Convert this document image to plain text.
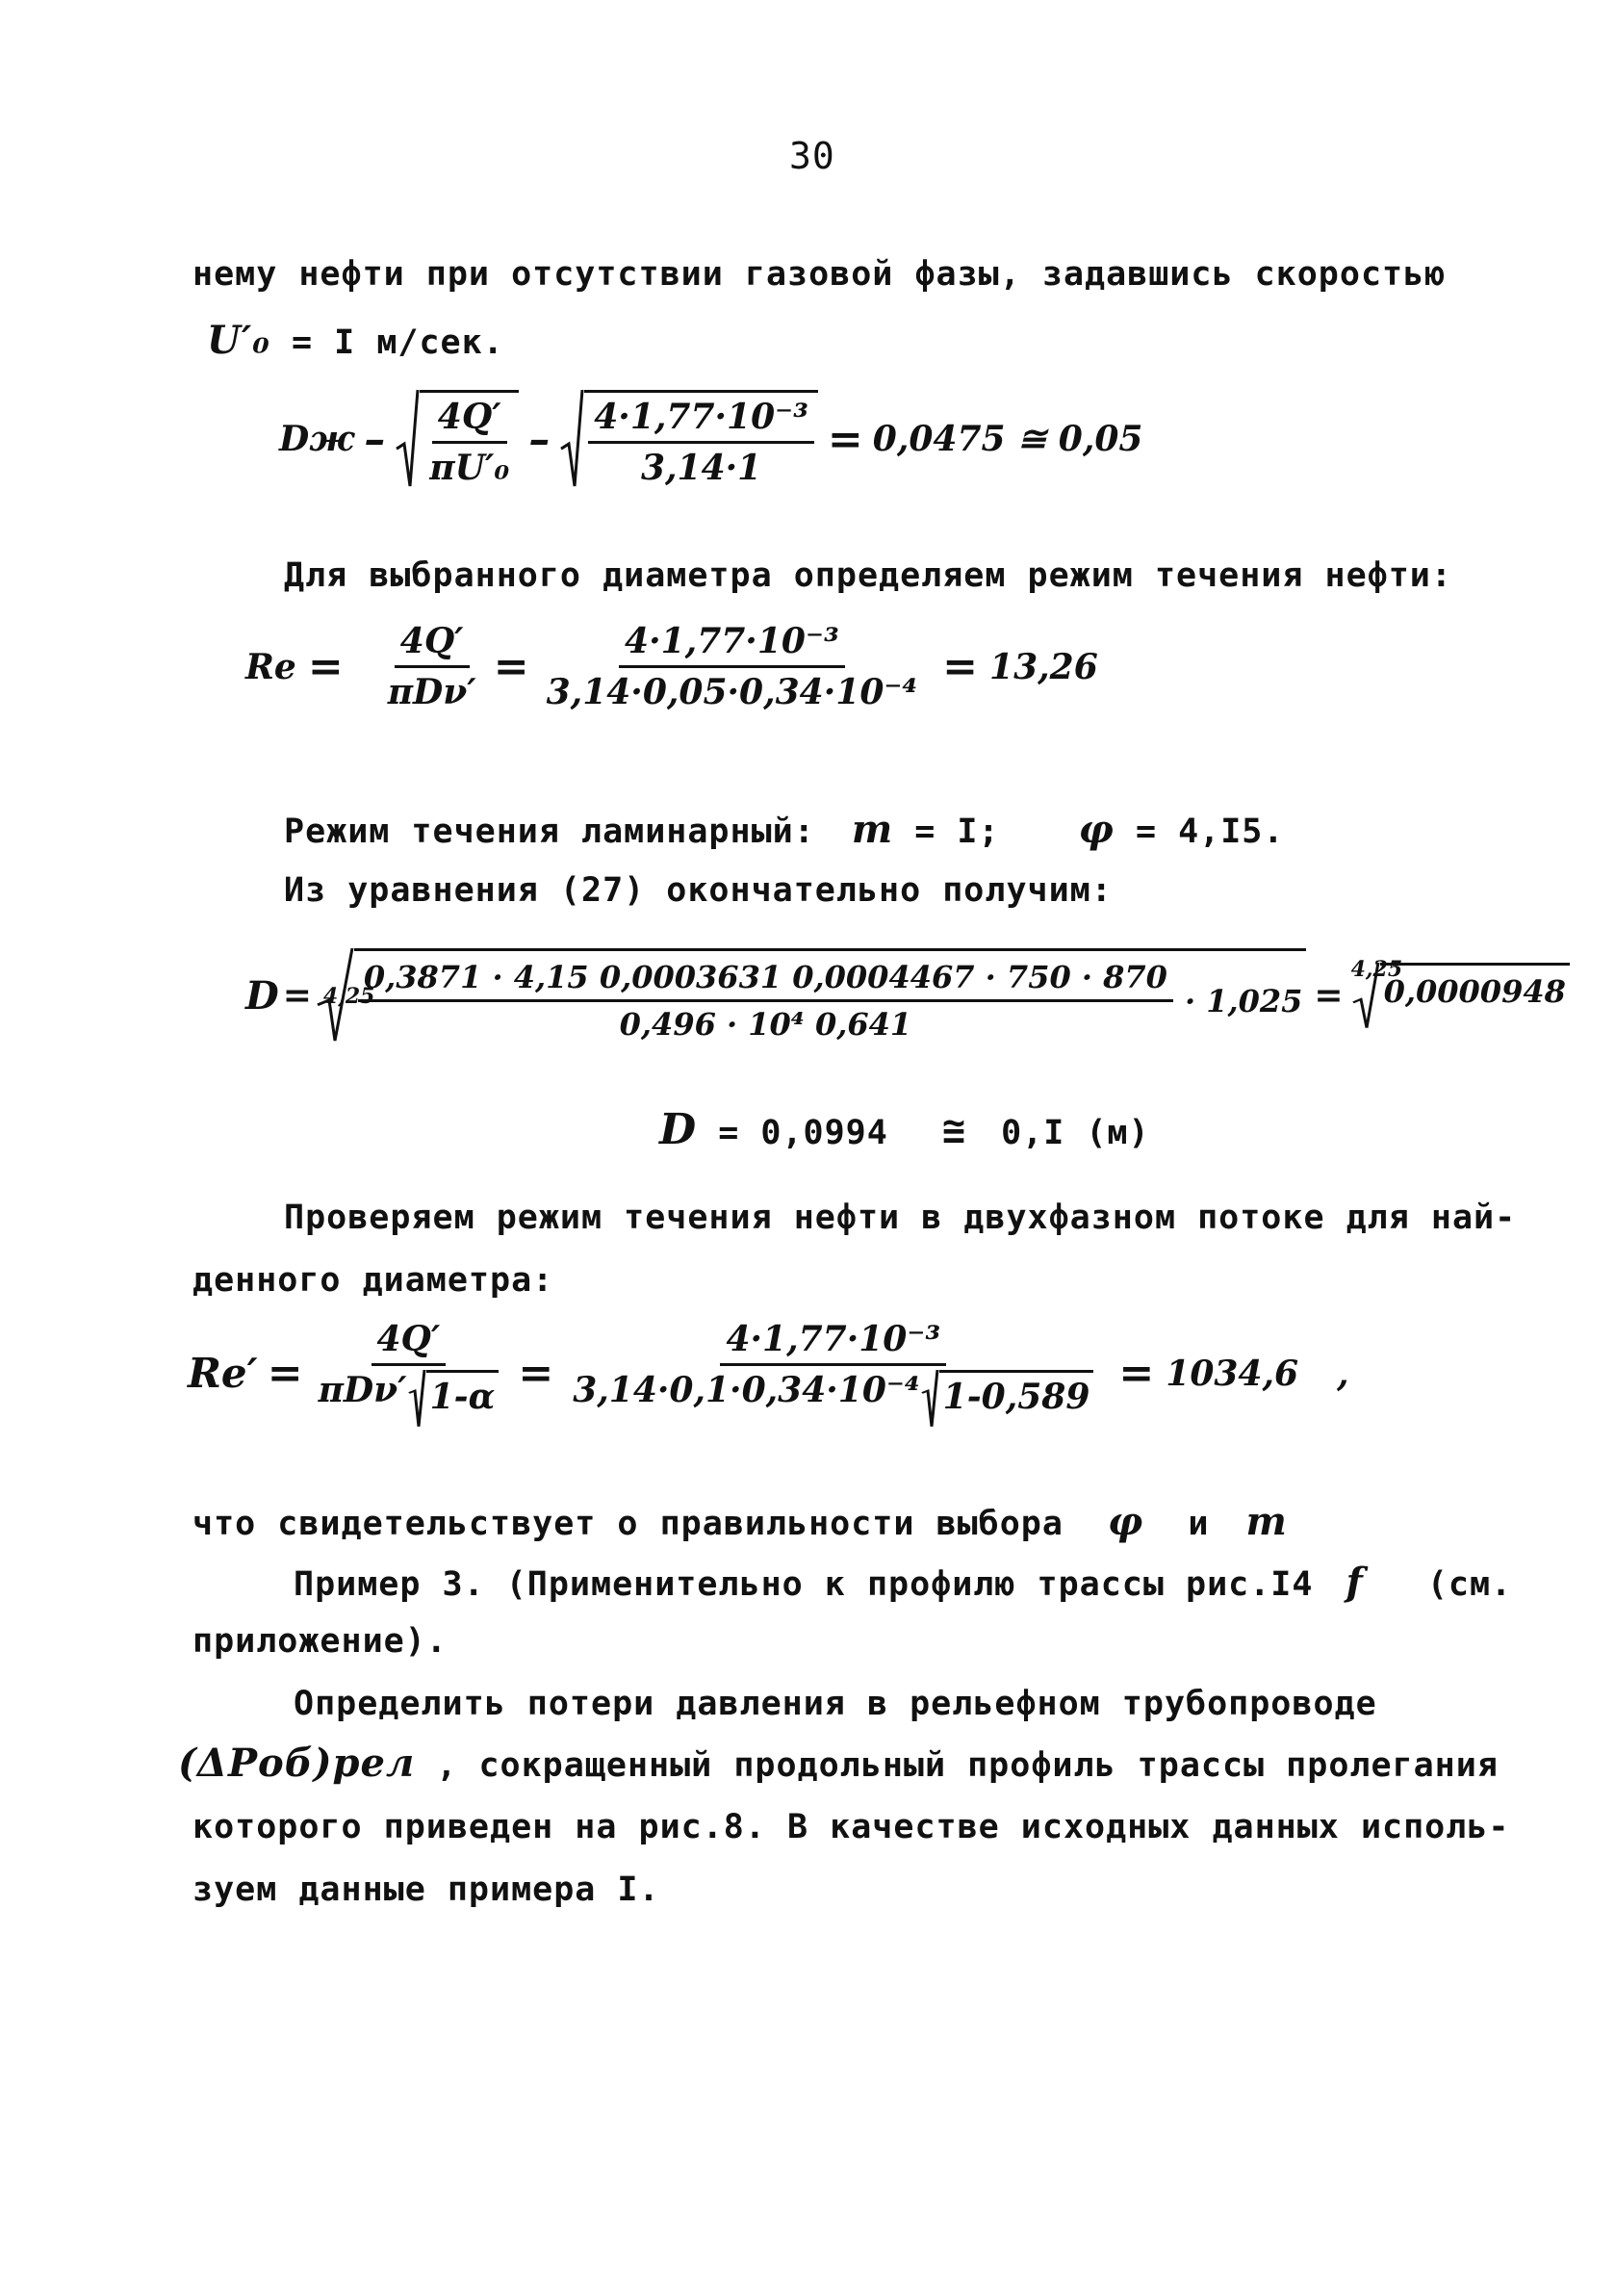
30
нему нефти при отсутствии газовой фазы, задавшись скоростью
U′₀ = I м/сек.
Dж – $\frac{4Q'}{\text{πU′₀}} - \frac{\text{4·1,77·10⁻³}}{3,14\cdot 1} = 0,0475$ ≅ 0,05
Для выбранного диаметра определяем режим течения нефти:
$Re = \frac{4Q'}{\text{πDν′}} = \frac{\text{4·1,77·10⁻³}}{\text{3,14·0,05·0,34·10⁻⁴}} = 13,26$
Режим течения ламинарный: m = I; φ = 4,I5.
Из уравнения (27) окончательно получим:
D = 4,25
$\frac{0,3871 \cdot 4,15 0,0003631 0,0004467 \cdot 750 \cdot 870}{\text{0,496 · 10⁴ 0,641}} \cdot 1,025$ =
4,25
0,0000948
D = 0,0994 ≅ 0,I (м)
Проверяем режим течения нефти в двухфазном потоке для най-
денного диаметра:
$Re' = \frac{4Q'}{\text{πDν′ 1-α}} = \frac{\text{4·1,77·10⁻³}}{\text{3,14·0,1·0,34·10⁻⁴ 1-0,589}} = 1034,6$ ,
что свидетельствует о правильности выбора φ и m
Пример 3. (Применительно к профилю трассы рис.I4 f (см.
приложение).
Определить потери давления в рельефном трубопроводе
(ΔPоб)рел , сокращенный продольный профиль трассы пролегания
которого приведен на рис.8. В качестве исходных данных исполь-
зуем данные примера I.
